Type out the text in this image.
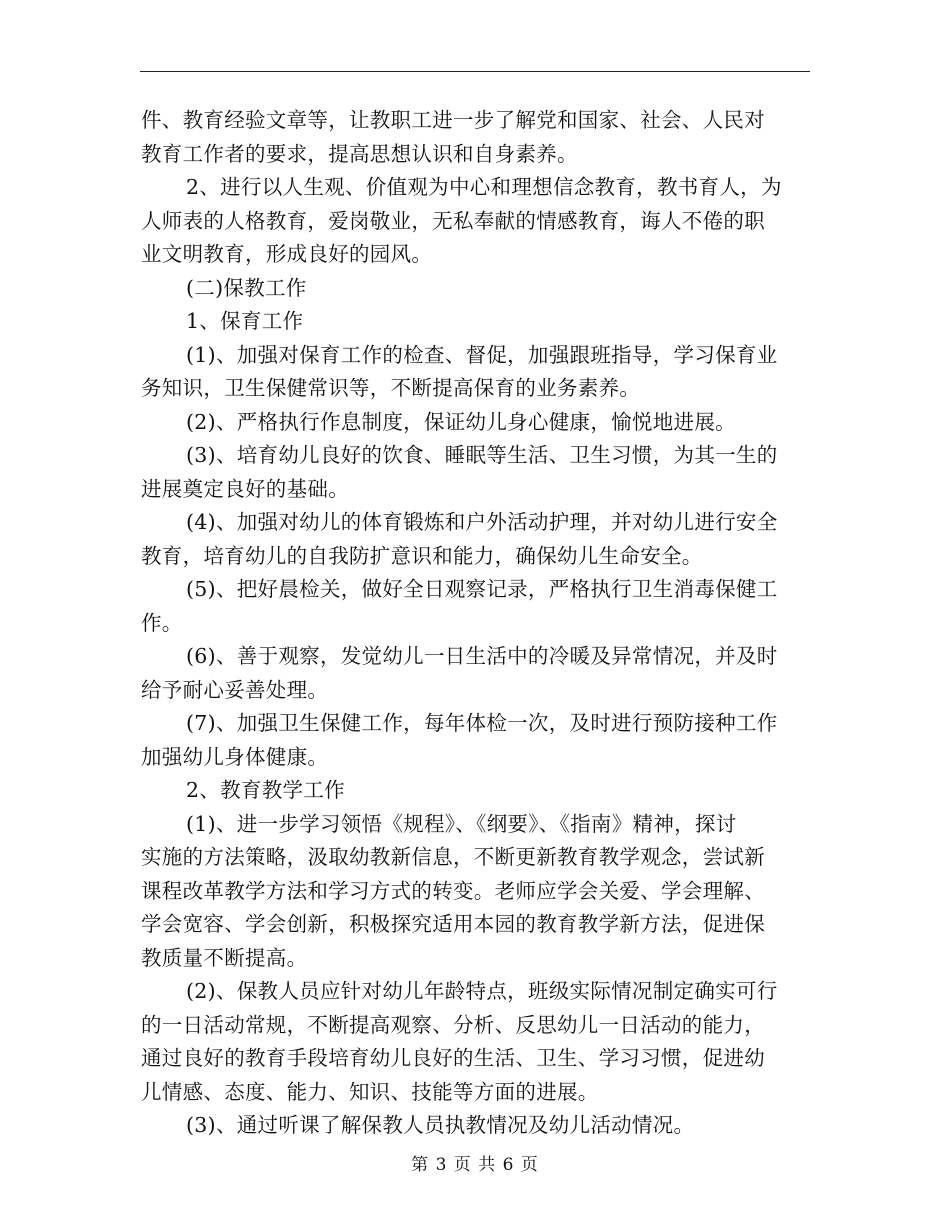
件、教育经验文章等，让教职工进一步了解党和国家、社会、人民对
教育工作者的要求，提高思想认识和自身素养。

2、进行以人生观、价值观为中心和理想信念教育，教书育人，为
人师表的人格教育，爱岗敬业，无私奉献的情感教育，诲人不倦的职
业文明教育，形成良好的园风。

(二)保教工作

1、保育工作

(1)、加强对保育工作的检查、督促，加强跟班指导，学习保育业
务知识，卫生保健常识等，不断提高保育的业务素养。

(2)、严格执行作息制度，保证幼儿身心健康，愉悦地进展。

(3)、培育幼儿良好的饮食、睡眠等生活、卫生习惯，为其一生的
进展奠定良好的基础。

(4)、加强对幼儿的体育锻炼和户外活动护理，并对幼儿进行安全
教育，培育幼儿的自我防扩意识和能力，确保幼儿生命安全。

(5)、把好晨检关，做好全日观察记录，严格执行卫生消毒保健工
作。

(6)、善于观察，发觉幼儿一日生活中的冷暖及异常情况，并及时
给予耐心妥善处理。

(7)、加强卫生保健工作，每年体检一次，及时进行预防接种工作
加强幼儿身体健康。

2、教育教学工作

(1)、进一步学习领悟《规程》、《纲要》、《指南》精神，探讨
实施的方法策略，汲取幼教新信息，不断更新教育教学观念，尝试新
课程改革教学方法和学习方式的转变。老师应学会关爱、学会理解、
学会宽容、学会创新，积极探究适用本园的教育教学新方法，促进保
教质量不断提高。

(2)、保教人员应针对幼儿年龄特点，班级实际情况制定确实可行
的一日活动常规，不断提高观察、分析、反思幼儿一日活动的能力，
通过良好的教育手段培育幼儿良好的生活、卫生、学习习惯，促进幼
儿情感、态度、能力、知识、技能等方面的进展。

(3)、通过听课了解保教人员执教情况及幼儿活动情况。

第 3 页 共 6 页
